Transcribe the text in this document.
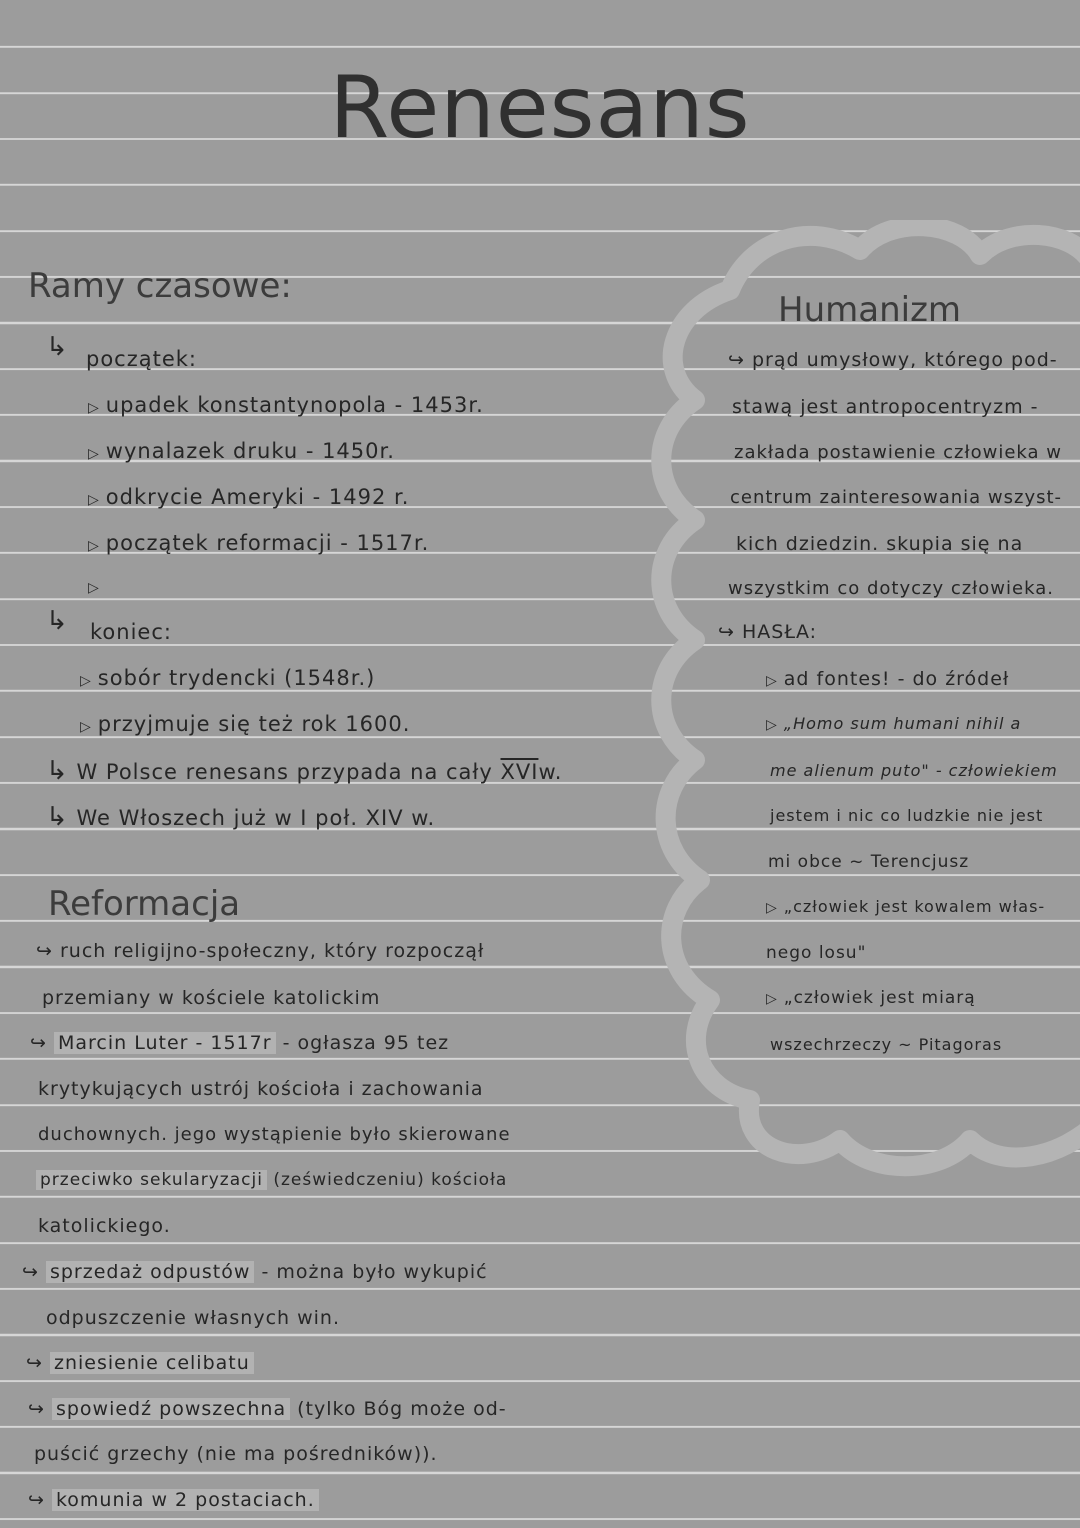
Renesans
Ramy czasowe:
↳ początek:
▷ upadek konstantynopola - 1453r.
▷ wynalazek druku - 1450r.
▷ odkrycie Ameryki - 1492 r.
▷ początek reformacji - 1517r.
▷
↳ koniec:
▷ sobór trydencki (1548r.)
▷ przyjmuje się też rok 1600.
↳ W Polsce renesans przypada na cały $\overline{XVI}w$.
↳ We Włoszech już w I poł. XIV w.
Humanizm
↪ prąd umysłowy, którego pod-
stawą jest antropocentryzm -
zakłada postawienie człowieka w
centrum zainteresowania wszyst-
kich dziedzin. skupia się na
wszystkim co dotyczy człowieka.
↪ HASŁA:
▷ ad fontes! - do źródeł
▷ „Homo sum humani nihil a
me alienum puto" - człowiekiem
jestem i nic co ludzkie nie jest
mi obce ~ Terencjusz
▷ „człowiek jest kowalem włas-
nego losu"
▷ „człowiek jest miarą
wszechrzeczy ~ Pitagoras
Reformacja
↪ ruch religijno-społeczny, który rozpoczął
przemiany w kościele katolickim
↪ Marcin Luter - 1517r - ogłasza 95 tez
krytykujących ustrój kościoła i zachowania
duchownych. jego wystąpienie było skierowane
przeciwko sekularyzacji (zeświedczeniu) kościoła
katolickiego.
↪ sprzedaż odpustów - można było wykupić
odpuszczenie własnych win.
↪ zniesienie celibatu
↪ spowiedź powszechna (tylko Bóg może od-
puścić grzechy (nie ma pośredników)).
↪ komunia w 2 postaciach.
